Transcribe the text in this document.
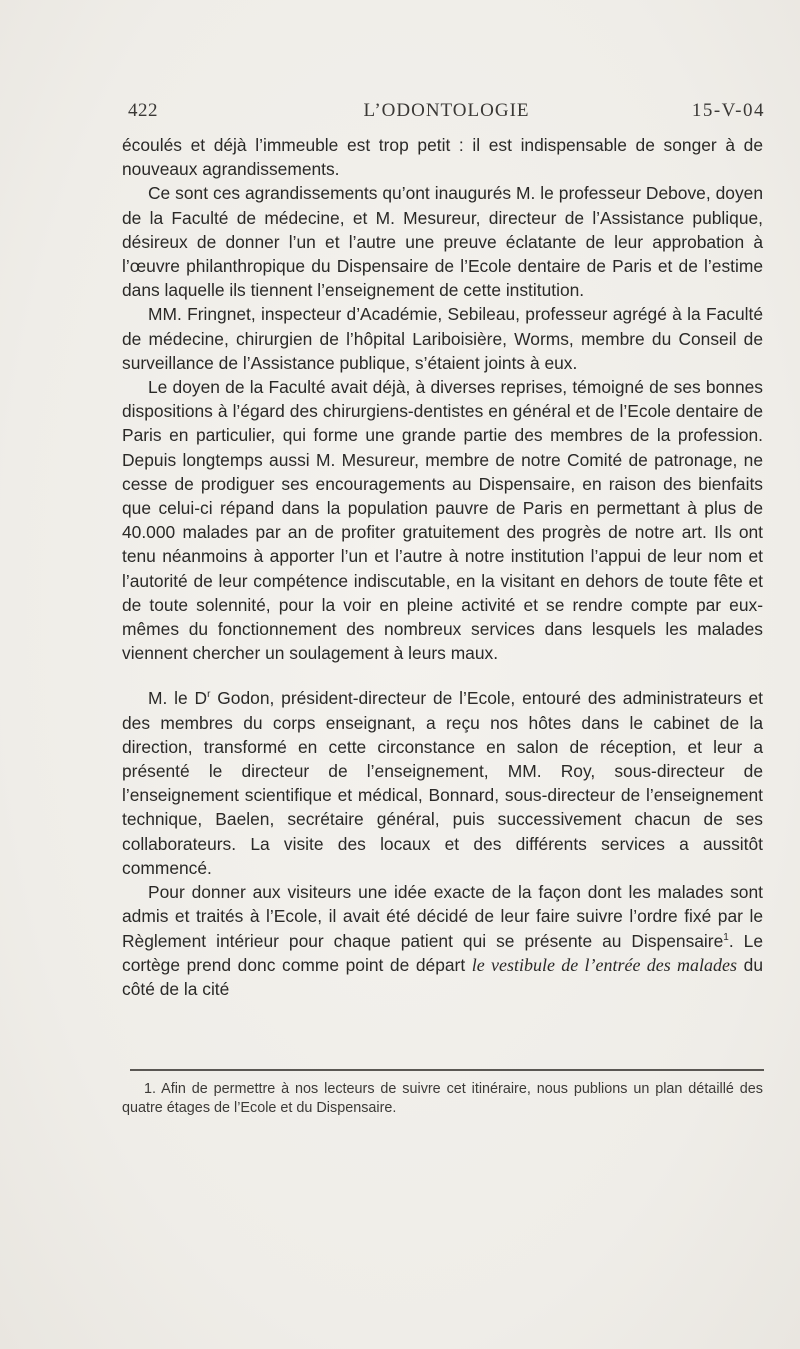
422	L’ODONTOLOGIE	15-V-04

écoulés et déjà l’immeuble est trop petit : il est indispensable de songer à de nouveaux agrandissements.

Ce sont ces agrandissements qu’ont inaugurés M. le professeur Debove, doyen de la Faculté de médecine, et M. Mesureur, directeur de l’Assistance publique, désireux de donner l’un et l’autre une preuve éclatante de leur approbation à l’œuvre philanthropique du Dispensaire de l’Ecole dentaire de Paris et de l’estime dans laquelle ils tiennent l’enseignement de cette institution.

MM. Fringnet, inspecteur d’Académie, Sebileau, professeur agrégé à la Faculté de médecine, chirurgien de l’hôpital Lariboisière, Worms, membre du Conseil de surveillance de l’Assistance publique, s’étaient joints à eux.

Le doyen de la Faculté avait déjà, à diverses reprises, témoigné de ses bonnes dispositions à l’égard des chirurgiens-dentistes en général et de l’Ecole dentaire de Paris en particulier, qui forme une grande partie des membres de la profession. Depuis longtemps aussi M. Mesureur, membre de notre Comité de patronage, ne cesse de prodiguer ses encouragements au Dispensaire, en raison des bienfaits que celui-ci répand dans la population pauvre de Paris en permettant à plus de 40.000 malades par an de profiter gratuitement des progrès de notre art. Ils ont tenu néanmoins à apporter l’un et l’autre à notre institution l’appui de leur nom et l’autorité de leur compétence indiscutable, en la visitant en dehors de toute fête et de toute solennité, pour la voir en pleine activité et se rendre compte par eux-mêmes du fonctionnement des nombreux services dans lesquels les malades viennent chercher un soulagement à leurs maux.

M. le $D^r$ Godon, président-directeur de l’Ecole, entouré des administrateurs et des membres du corps enseignant, a reçu nos hôtes dans le cabinet de la direction, transformé en cette circonstance en salon de réception, et leur a présenté le directeur de l’enseignement, MM. Roy, sous-directeur de l’enseignement scientifique et médical, Bonnard, sous-directeur de l’enseignement technique, Baelen, secrétaire général, puis successivement chacun de ses collaborateurs. La visite des locaux et des différents services a aussitôt commencé.

Pour donner aux visiteurs une idée exacte de la façon dont les malades sont admis et traités à l’Ecole, il avait été décidé de leur faire suivre l’ordre fixé par le Règlement intérieur pour chaque patient qui se présente au Dispensaire$^1$. Le cortège prend donc comme point de départ le vestibule de l’entrée des malades du côté de la cité

1. Afin de permettre à nos lecteurs de suivre cet itinéraire, nous publions un plan détaillé des quatre étages de l’Ecole et du Dispensaire.
